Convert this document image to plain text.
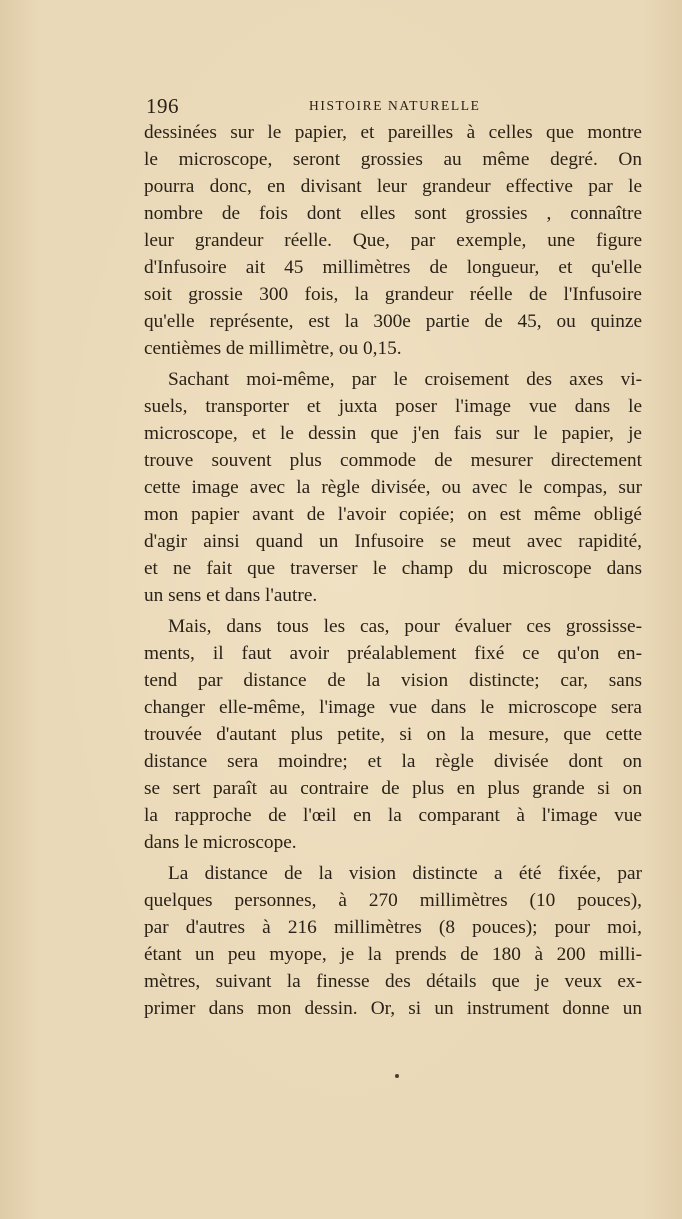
196	HISTOIRE NATURELLE
dessinées sur le papier, et pareilles à celles que montre
le microscope, seront grossies au même degré. On
pourra donc, en divisant leur grandeur effective par le
nombre de fois dont elles sont grossies , connaître
leur grandeur réelle. Que, par exemple, une figure
d'Infusoire ait 45 millimètres de longueur, et qu'elle
soit grossie 300 fois, la grandeur réelle de l'Infusoire
qu'elle représente, est la 300e partie de 45, ou quinze
centièmes de millimètre, ou 0,15.
Sachant moi-même, par le croisement des axes vi-
suels, transporter et juxta poser l'image vue dans le
microscope, et le dessin que j'en fais sur le papier, je
trouve souvent plus commode de mesurer directement
cette image avec la règle divisée, ou avec le compas, sur
mon papier avant de l'avoir copiée; on est même obligé
d'agir ainsi quand un Infusoire se meut avec rapidité,
et ne fait que traverser le champ du microscope dans
un sens et dans l'autre.
Mais, dans tous les cas, pour évaluer ces grossisse-
ments, il faut avoir préalablement fixé ce qu'on en-
tend par distance de la vision distincte; car, sans
changer elle-même, l'image vue dans le microscope sera
trouvée d'autant plus petite, si on la mesure, que cette
distance sera moindre; et la règle divisée dont on
se sert paraît au contraire de plus en plus grande si on
la rapproche de l'œil en la comparant à l'image vue
dans le microscope.
La distance de la vision distincte a été fixée, par
quelques personnes, à 270 millimètres (10 pouces),
par d'autres à 216 millimètres (8 pouces); pour moi,
étant un peu myope, je la prends de 180 à 200 milli-
mètres, suivant la finesse des détails que je veux ex-
primer dans mon dessin. Or, si un instrument donne un
